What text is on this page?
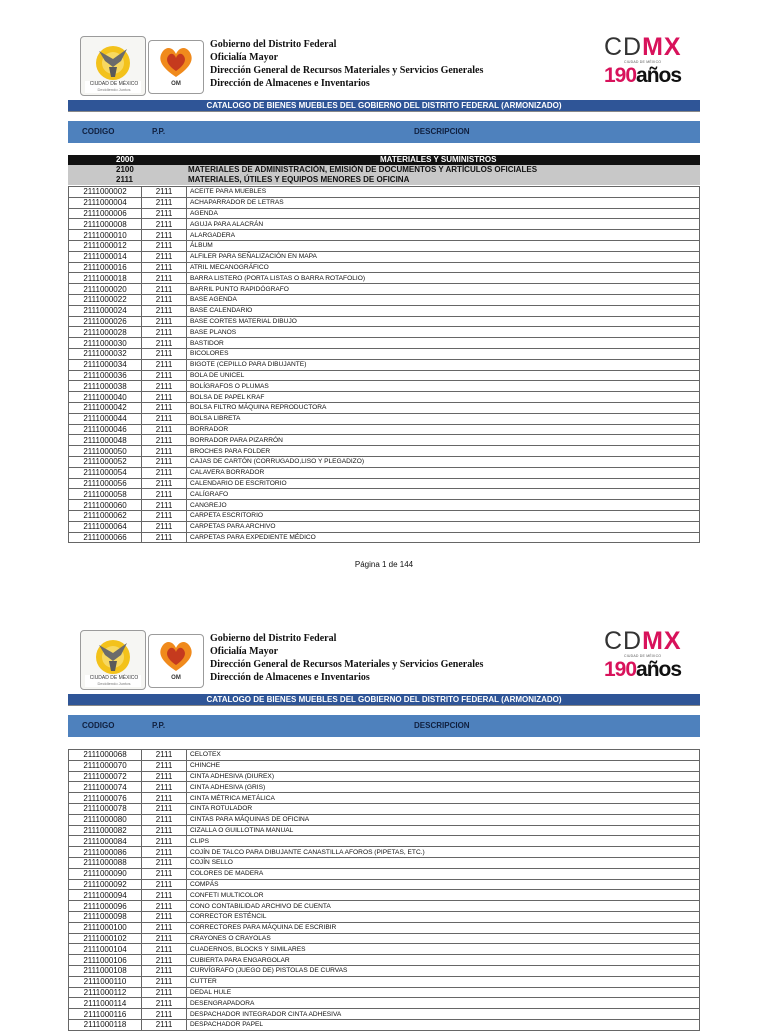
CIUDAD DE MÉXICO
Decidiendo Juntos
OM
Gobierno del Distrito Federal
Oficialía Mayor
Dirección General de Recursos Materiales y Servicios Generales
Dirección de Almacenes e Inventarios
CDMX
CIUDAD DE MÉXICO
190años
CATALOGO DE BIENES MUEBLES DEL GOBIERNO DEL DISTRITO FEDERAL (ARMONIZADO)
CODIGO	P.P.	DESCRIPCION
2000	MATERIALES Y SUMINISTROS
2100	MATERIALES DE ADMINISTRACIÓN, EMISIÓN DE DOCUMENTOS Y ARTÍCULOS OFICIALES
2111	MATERIALES, ÚTILES Y EQUIPOS MENORES DE OFICINA
2111000002	2111	ACEITE PARA MUEBLES
2111000004	2111	ACHAPARRADOR DE LETRAS
2111000006	2111	AGENDA
2111000008	2111	AGUJA PARA ALACRÁN
2111000010	2111	ALARGADERA
2111000012	2111	ÁLBUM
2111000014	2111	ALFILER PARA SEÑALIZACIÓN EN MAPA
2111000016	2111	ATRIL MECANOGRÁFICO
2111000018	2111	BARRA LISTERO (PORTA LISTAS O BARRA ROTAFOLIO)
2111000020	2111	BARRIL PUNTO RAPIDÓGRAFO
2111000022	2111	BASE AGENDA
2111000024	2111	BASE CALENDARIO
2111000026	2111	BASE CORTES MATERIAL DIBUJO
2111000028	2111	BASE PLANOS
2111000030	2111	BASTIDOR
2111000032	2111	BICOLORES
2111000034	2111	BIGOTE (CEPILLO PARA DIBUJANTE)
2111000036	2111	BOLA DE UNICEL
2111000038	2111	BOLÍGRAFOS O PLUMAS
2111000040	2111	BOLSA DE PAPEL KRAF
2111000042	2111	BOLSA FILTRO MÁQUINA REPRODUCTORA
2111000044	2111	BOLSA LIBRETA
2111000046	2111	BORRADOR
2111000048	2111	BORRADOR PARA PIZARRÓN
2111000050	2111	BROCHES PARA FOLDER
2111000052	2111	CAJAS DE CARTÓN (CORRUGADO,LISO Y PLEGADIZO)
2111000054	2111	CALAVERA BORRADOR
2111000056	2111	CALENDARIO DE ESCRITORIO
2111000058	2111	CALÍGRAFO
2111000060	2111	CANGREJO
2111000062	2111	CARPETA ESCRITORIO
2111000064	2111	CARPETAS PARA ARCHIVO
2111000066	2111	CARPETAS PARA EXPEDIENTE MÉDICO
Página 1 de 144
CIUDAD DE MÉXICO
Decidiendo Juntos
OM
Gobierno del Distrito Federal
Oficialía Mayor
Dirección General de Recursos Materiales y Servicios Generales
Dirección de Almacenes e Inventarios
CDMX
CIUDAD DE MÉXICO
190años
CATALOGO DE BIENES MUEBLES DEL GOBIERNO DEL DISTRITO FEDERAL (ARMONIZADO)
CODIGO	P.P.	DESCRIPCION
2111000068	2111	CELOTEX
2111000070	2111	CHINCHE
2111000072	2111	CINTA ADHESIVA (DIUREX)
2111000074	2111	CINTA ADHESIVA (GRIS)
2111000076	2111	CINTA MÉTRICA METÁLICA
2111000078	2111	CINTA ROTULADOR
2111000080	2111	CINTAS PARA MÁQUINAS DE OFICINA
2111000082	2111	CIZALLA O GUILLOTINA MANUAL
2111000084	2111	CLIPS
2111000086	2111	COJÍN DE TALCO PARA DIBUJANTE CANASTILLA AFOROS (PIPETAS, ETC.)
2111000088	2111	COJÍN SELLO
2111000090	2111	COLORES DE MADERA
2111000092	2111	COMPÁS
2111000094	2111	CONFETI MULTICOLOR
2111000096	2111	CONO CONTABILIDAD ARCHIVO DE CUENTA
2111000098	2111	CORRECTOR ESTÉNCIL
2111000100	2111	CORRECTORES PARA MÁQUINA DE ESCRIBIR
2111000102	2111	CRAYONES O CRAYOLAS
2111000104	2111	CUADERNOS, BLOCKS Y SIMILARES
2111000106	2111	CUBIERTA PARA ENGARGOLAR
2111000108	2111	CURVÍGRAFO (JUEGO DE) PISTOLAS DE CURVAS
2111000110	2111	CUTTER
2111000112	2111	DEDAL HULE
2111000114	2111	DESENGRAPADORA
2111000116	2111	DESPACHADOR INTEGRADOR CINTA ADHESIVA
2111000118	2111	DESPACHADOR PAPEL
